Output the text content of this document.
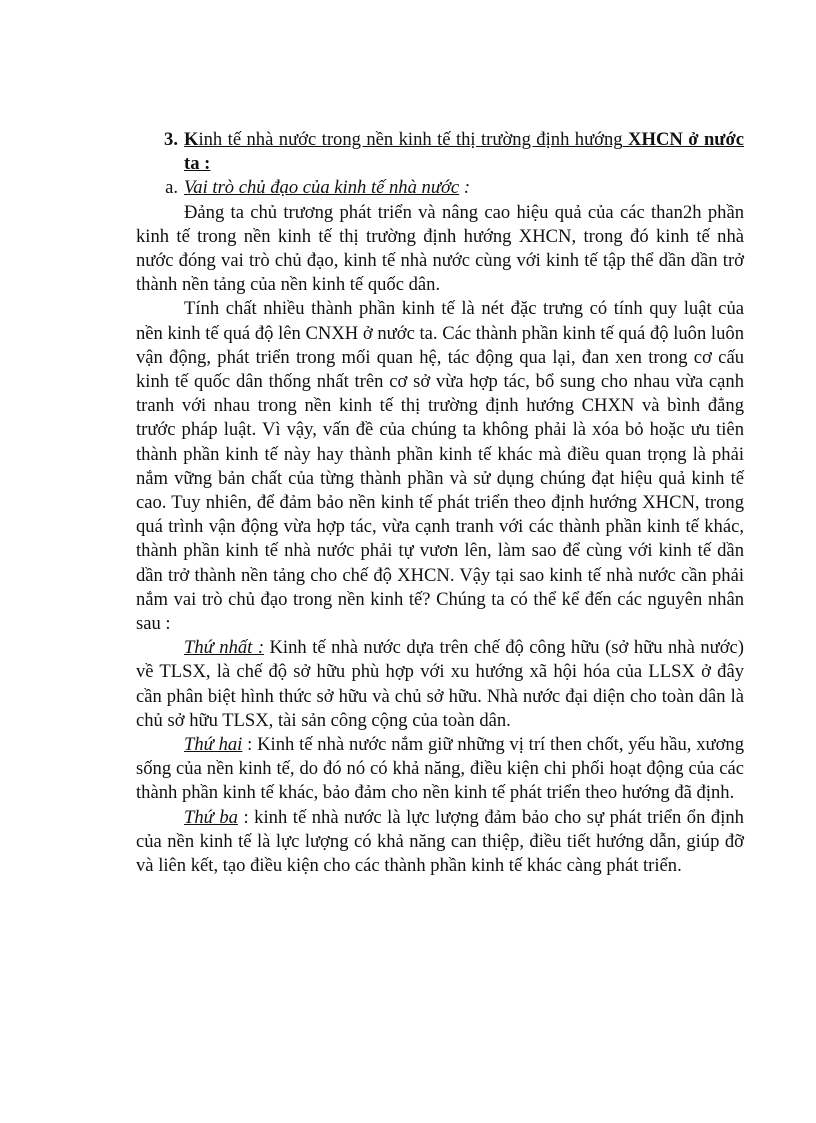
3. Kinh tế nhà nước trong nền kinh tế thị trường định hướng XHCN ở nước ta :
a. Vai trò chủ đạo của kinh tế nhà nước :

Đảng ta chủ trương phát triển và nâng cao hiệu quả của các than2h phần kinh tế trong nền kinh tế thị trường định hướng XHCN, trong đó kinh tế nhà nước đóng vai trò chủ đạo, kinh tế nhà nước cùng với kinh tế tập thể dần dần trở thành nền tảng của nền kinh tế quốc dân.

Tính chất nhiều thành phần kinh tế là nét đặc trưng có tính quy luật của nền kinh tế quá độ lên CNXH ở nước ta. Các thành phần kinh tế quá độ luôn luôn vận động, phát triển trong mối quan hệ, tác động qua lại, đan xen trong cơ cấu kinh tế quốc dân thống nhất trên cơ sở vừa hợp tác, bổ sung cho nhau vừa cạnh tranh với nhau trong nền kinh tế thị trường định hướng CHXN và bình đẳng trước pháp luật. Vì vậy, vấn đề của chúng ta không phải là xóa bỏ hoặc ưu tiên thành phần kinh tế này hay thành phần kinh tế khác mà điều quan trọng là phải nắm vững bản chất của từng thành phần và sử dụng chúng đạt hiệu quả kinh tế cao. Tuy nhiên, để đảm bảo nền kinh tế phát triển theo định hướng XHCN, trong quá trình vận động vừa hợp tác, vừa cạnh tranh với các thành phần kinh tế khác, thành phần kinh tế nhà nước phải tự vươn lên, làm sao để cùng với kinh tế dần dần trở thành nền tảng cho chế độ XHCN. Vậy tại sao kinh tế nhà nước cần phải nắm vai trò chủ đạo trong nền kinh tế? Chúng ta có thể kể đến các nguyên nhân sau :

Thứ nhất : Kinh tế nhà nước dựa trên chế độ công hữu (sở hữu nhà nước) về TLSX, là chế độ sở hữu phù hợp với xu hướng xã hội hóa của LLSX ở đây cần phân biệt hình thức sở hữu và chủ sở hữu. Nhà nước đại diện cho toàn dân là chủ sở hữu TLSX, tài sản công cộng của toàn dân.

Thứ hai : Kinh tế nhà nước nắm giữ những vị trí then chốt, yếu hầu, xương sống của nền kinh tế, do đó nó có khả năng, điều kiện chi phối hoạt động của các thành phần kinh tế khác, bảo đảm cho nền kinh tế phát triển theo hướng đã định.

Thứ ba : kinh tế nhà nước là lực lượng đảm bảo cho sự phát triển ổn định của nền kinh tế là lực lượng có khả năng can thiệp, điều tiết hướng dẫn, giúp đỡ và liên kết, tạo điều kiện cho các thành phần kinh tế khác càng phát triển.
